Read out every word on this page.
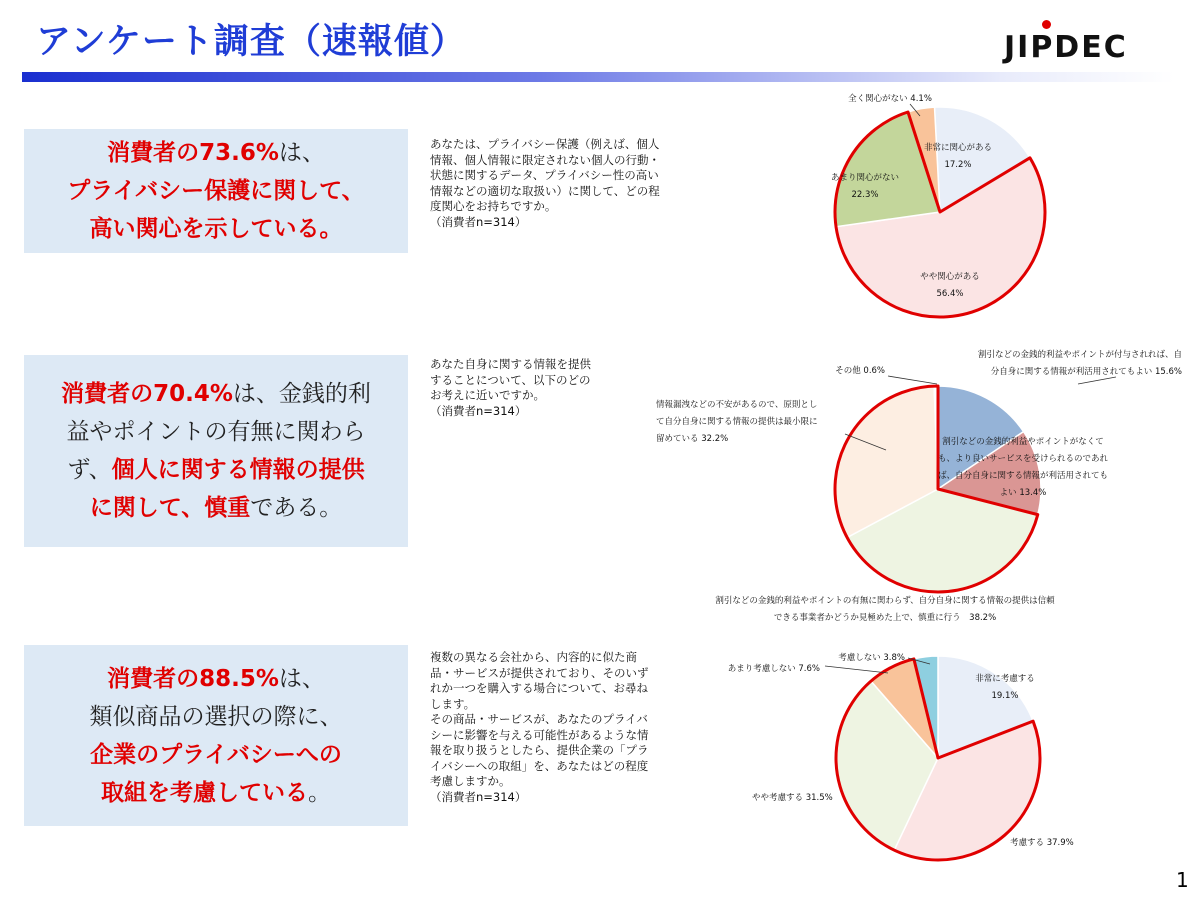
アンケート調査（速報値）	JIPDEC
消費者の73.6%は、
プライバシー保護に関して、
高い関心を示している。
消費者の70.4%は、金銭的利
益やポイントの有無に関わら
ず、個人に関する情報の提供
に関して、慎重である。
消費者の88.5%は、
類似商品の選択の際に、
企業のプライバシーへの
取組を考慮している。
あなたは、プライバシー保護（例えば、個人
情報、個人情報に限定されない個人の行動・
状態に関するデータ、プライバシー性の高い
情報などの適切な取扱い）に関して、どの程
度関心をお持ちですか。
（消費者n=314）
あなた自身に関する情報を提供
することについて、以下のどの
お考えに近いですか。
（消費者n=314）
複数の異なる会社から、内容的に似た商
品・サービスが提供されており、そのいず
れか一つを購入する場合について、お尋ね
します。
その商品・サービスが、あなたのプライバ
シーに影響を与える可能性があるような情
報を取り扱うとしたら、提供企業の「プラ
イバシーへの取組」を、あなたはどの程度
考慮しますか。
（消費者n=314）
非常に関心がある
17.2%
やや関心がある
56.4%
あまり関心がない
22.3%
全く関心がない 4.1%
割引などの金銭的利益やポイントが付与されれば、自
分自身に関する情報が利活用されてもよい 15.6%
割引などの金銭的利益やポイントがなくて
も、より良いサービスを受けられるのであれ
ば、自分自身に関する情報が利活用されても
よい 13.4%
割引などの金銭的利益やポイントの有無に関わらず、自分自身に関する情報の提供は信頼
できる事業者かどうか見極めた上で、慎重に行う　38.2%
情報漏洩などの不安があるので、原則とし
て自分自身に関する情報の提供は最小限に
留めている 32.2%
その他 0.6%
非常に考慮する
19.1%
考慮する 37.9%
やや考慮する 31.5%
あまり考慮しない 7.6%
考慮しない 3.8%
1
